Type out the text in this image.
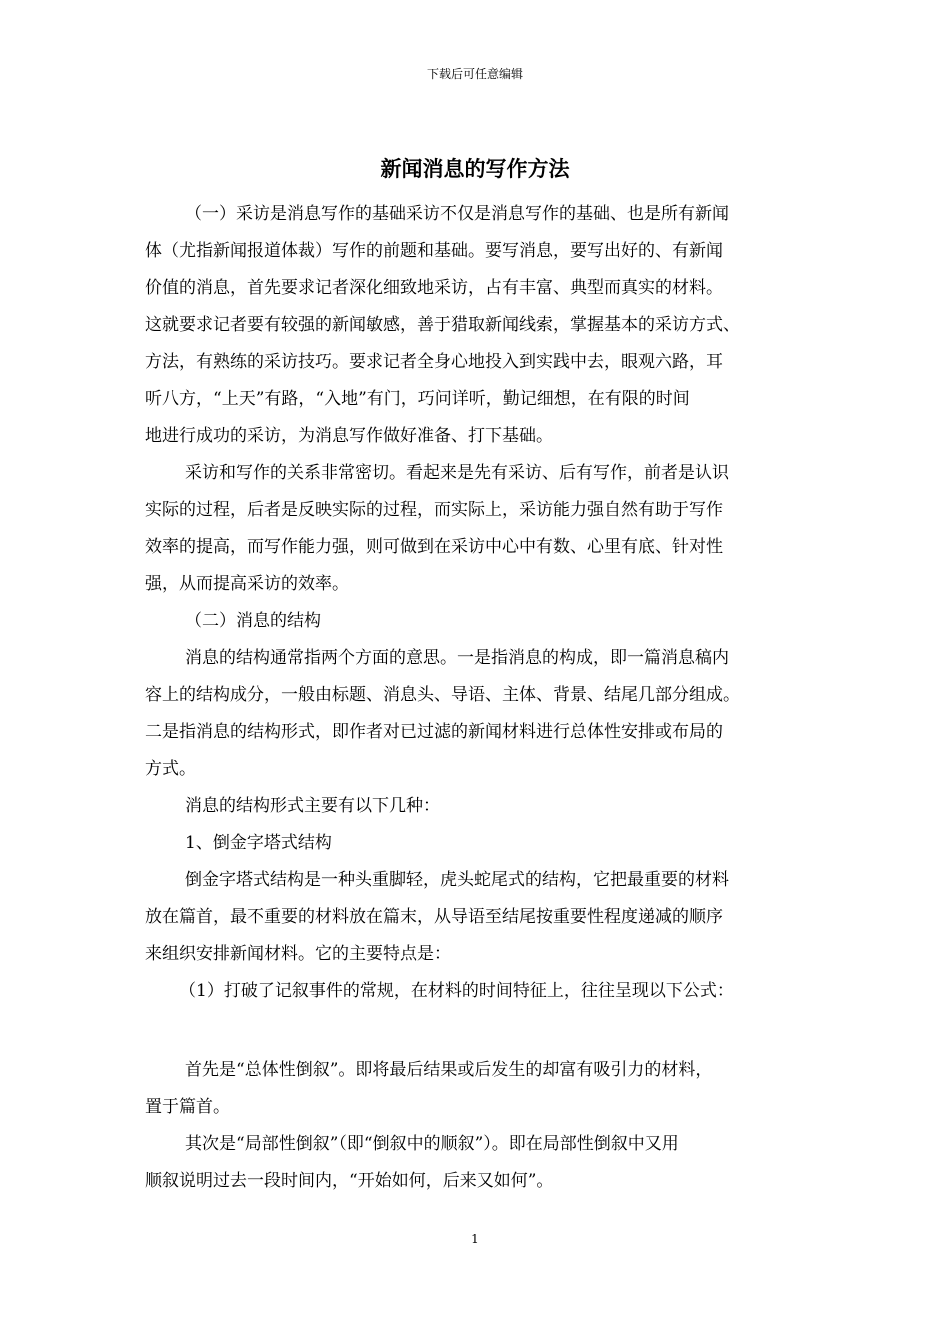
下载后可任意编辑
新闻消息的写作方法
（一）采访是消息写作的基础采访不仅是消息写作的基础、也是所有新闻
体（尤指新闻报道体裁）写作的前题和基础。要写消息，要写出好的、有新闻
价值的消息，首先要求记者深化细致地采访，占有丰富、典型而真实的材料。
这就要求记者要有较强的新闻敏感，善于猎取新闻线索，掌握基本的采访方式、
方法，有熟练的采访技巧。要求记者全身心地投入到实践中去，眼观六路，耳
听八方，“上天”有路，“入地”有门，巧问详听，勤记细想，在有限的时间
地进行成功的采访，为消息写作做好准备、打下基础。
采访和写作的关系非常密切。看起来是先有采访、后有写作，前者是认识
实际的过程，后者是反映实际的过程，而实际上，采访能力强自然有助于写作
效率的提高，而写作能力强，则可做到在采访中心中有数、心里有底、针对性
强，从而提高采访的效率。
（二）消息的结构
消息的结构通常指两个方面的意思。一是指消息的构成，即一篇消息稿内
容上的结构成分，一般由标题、消息头、导语、主体、背景、结尾几部分组成。
二是指消息的结构形式，即作者对已过滤的新闻材料进行总体性安排或布局的
方式。
消息的结构形式主要有以下几种：
1、倒金字塔式结构
倒金字塔式结构是一种头重脚轻，虎头蛇尾式的结构，它把最重要的材料
放在篇首，最不重要的材料放在篇末，从导语至结尾按重要性程度递减的顺序
来组织安排新闻材料。它的主要特点是：
（1）打破了记叙事件的常规，在材料的时间特征上，往往呈现以下公式：
首先是“总体性倒叙”。即将最后结果或后发生的却富有吸引力的材料，
置于篇首。
其次是“局部性倒叙”（即“倒叙中的顺叙”）。即在局部性倒叙中又用
顺叙说明过去一段时间内，“开始如何，后来又如何”。
1
